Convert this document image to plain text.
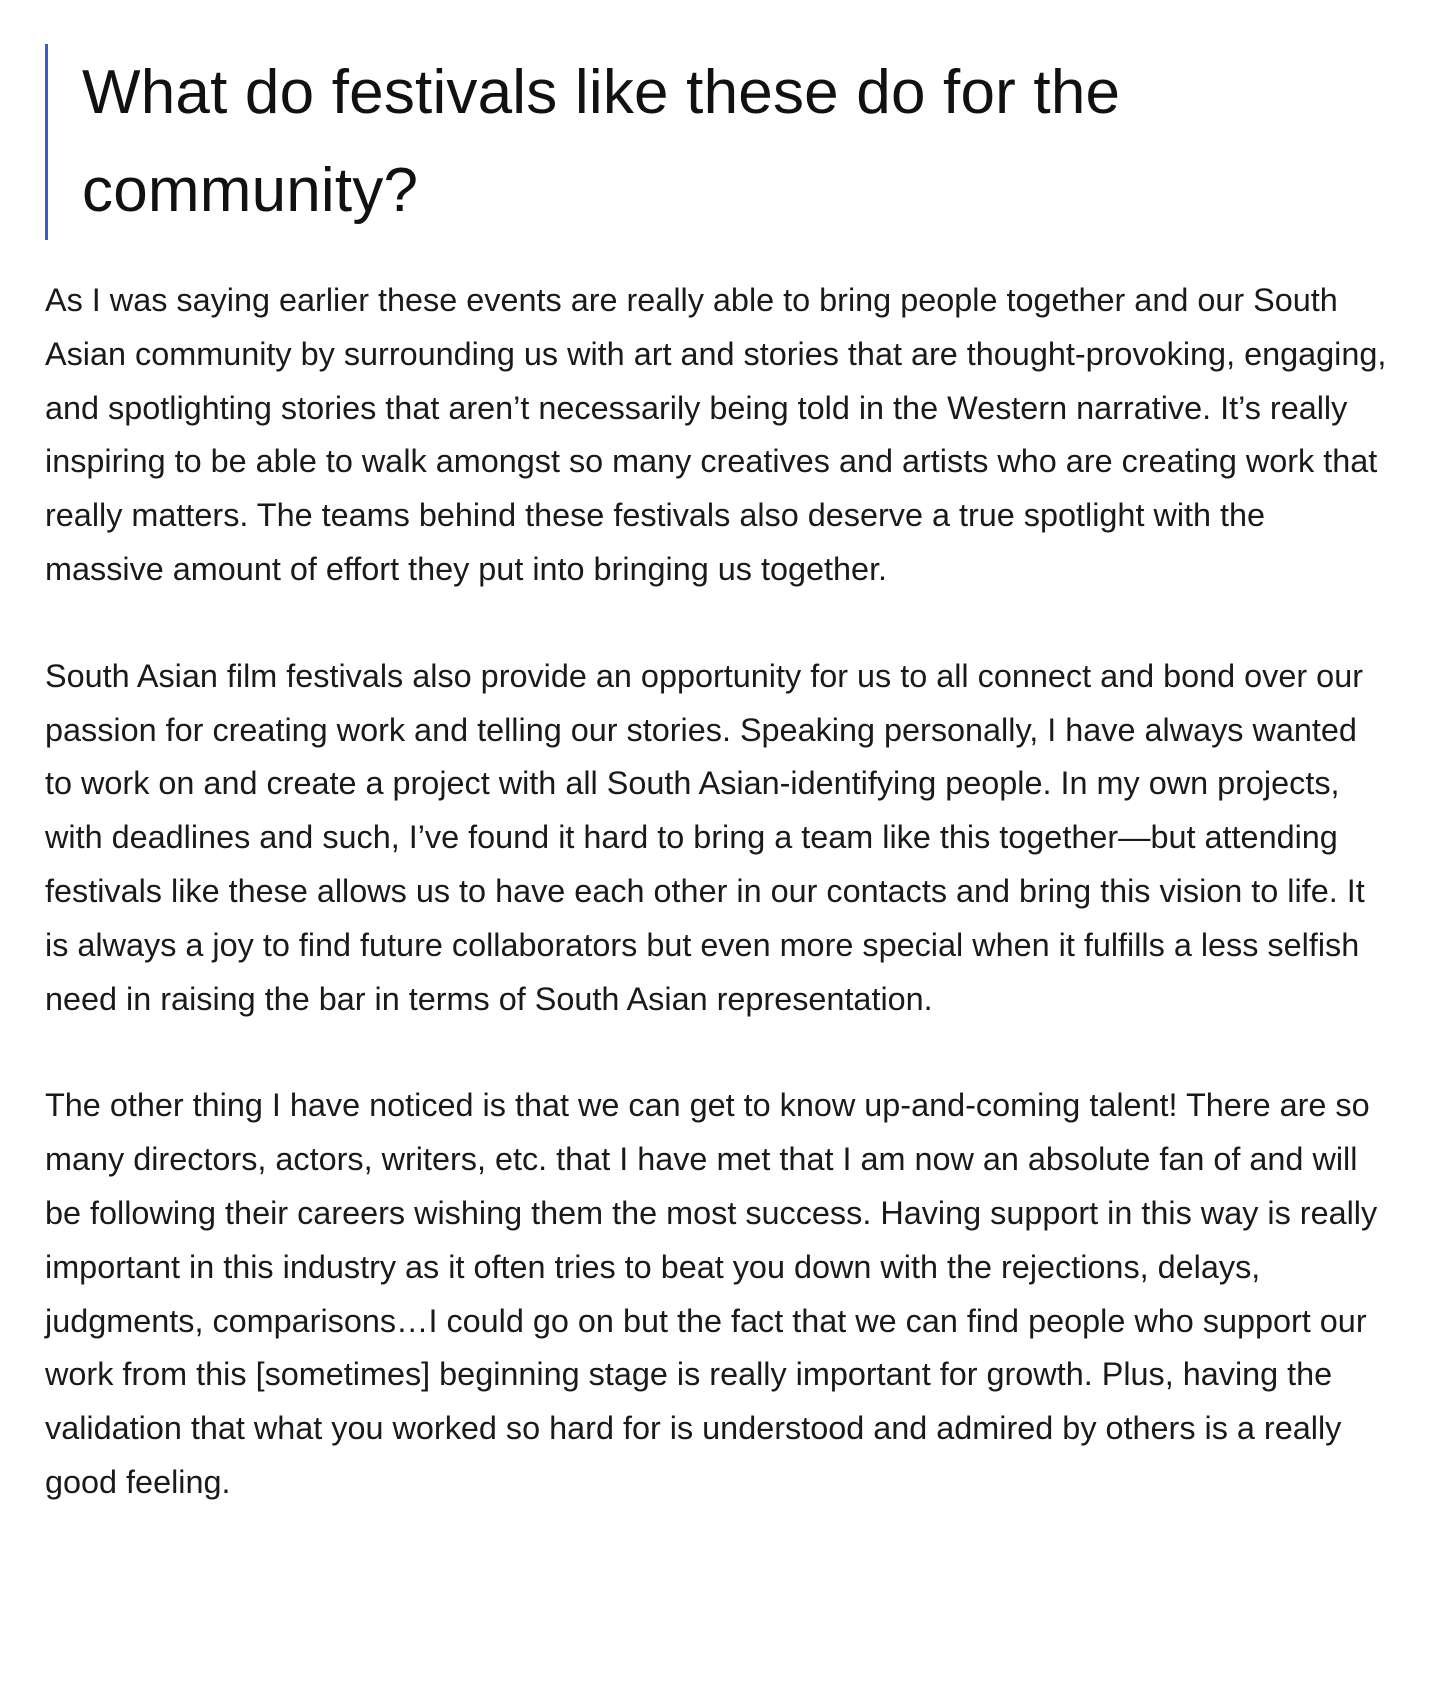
What do festivals like these do for the community?

As I was saying earlier these events are really able to bring people together and our South Asian community by surrounding us with art and stories that are thought-provoking, engaging, and spotlighting stories that aren’t necessarily being told in the Western narrative. It’s really inspiring to be able to walk amongst so many creatives and artists who are creating work that really matters. The teams behind these festivals also deserve a true spotlight with the massive amount of effort they put into bringing us together.

South Asian film festivals also provide an opportunity for us to all connect and bond over our passion for creating work and telling our stories. Speaking personally, I have always wanted to work on and create a project with all South Asian-identifying people. In my own projects, with deadlines and such, I’ve found it hard to bring a team like this together—but attending festivals like these allows us to have each other in our contacts and bring this vision to life. It is always a joy to find future collaborators but even more special when it fulfills a less selfish need in raising the bar in terms of South Asian representation.

The other thing I have noticed is that we can get to know up-and-coming talent! There are so many directors, actors, writers, etc. that I have met that I am now an absolute fan of and will be following their careers wishing them the most success. Having support in this way is really important in this industry as it often tries to beat you down with the rejections, delays, judgments, comparisons…I could go on but the fact that we can find people who support our work from this [sometimes] beginning stage is really important for growth. Plus, having the validation that what you worked so hard for is understood and admired by others is a really good feeling.
